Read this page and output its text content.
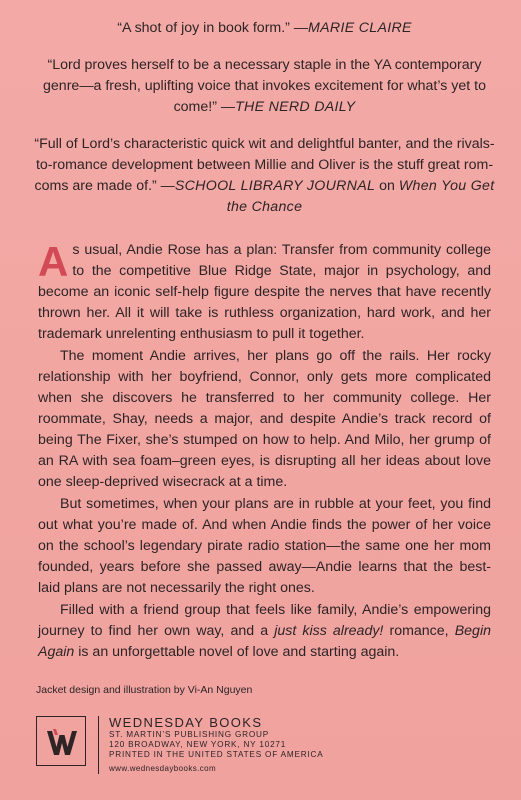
“A shot of joy in book form.” —MARIE CLAIRE

“Lord proves herself to be a necessary staple in the YA contemporary genre—a fresh, uplifting voice that invokes excitement for what’s yet to come!” —THE NERD DAILY

“Full of Lord’s characteristic quick wit and delightful banter, and the rivals-to-romance development between Millie and Oliver is the stuff great rom-coms are made of.” —SCHOOL LIBRARY JOURNAL on When You Get the Chance

As usual, Andie Rose has a plan: Transfer from community college to the competitive Blue Ridge State, major in psychology, and become an iconic self-help figure despite the nerves that have recently thrown her. All it will take is ruthless organization, hard work, and her trademark unrelenting enthusiasm to pull it together.

The moment Andie arrives, her plans go off the rails. Her rocky relationship with her boyfriend, Connor, only gets more complicated when she discovers he transferred to her community college. Her roommate, Shay, needs a major, and despite Andie’s track record of being The Fixer, she’s stumped on how to help. And Milo, her grump of an RA with sea foam–green eyes, is disrupting all her ideas about love one sleep-deprived wisecrack at a time.

But sometimes, when your plans are in rubble at your feet, you find out what you’re made of. And when Andie finds the power of her voice on the school’s legendary pirate radio station—the same one her mom founded, years before she passed away—Andie learns that the best-laid plans are not necessarily the right ones.

Filled with a friend group that feels like family, Andie’s empowering journey to find her own way, and a just kiss already! romance, Begin Again is an unforgettable novel of love and starting again.

Jacket design and illustration by Vi-An Nguyen
WEDNESDAY BOOKS
ST. MARTIN’S PUBLISHING GROUP
120 BROADWAY, NEW YORK, NY 10271
PRINTED IN THE UNITED STATES OF AMERICA
www.wednesdaybooks.com
